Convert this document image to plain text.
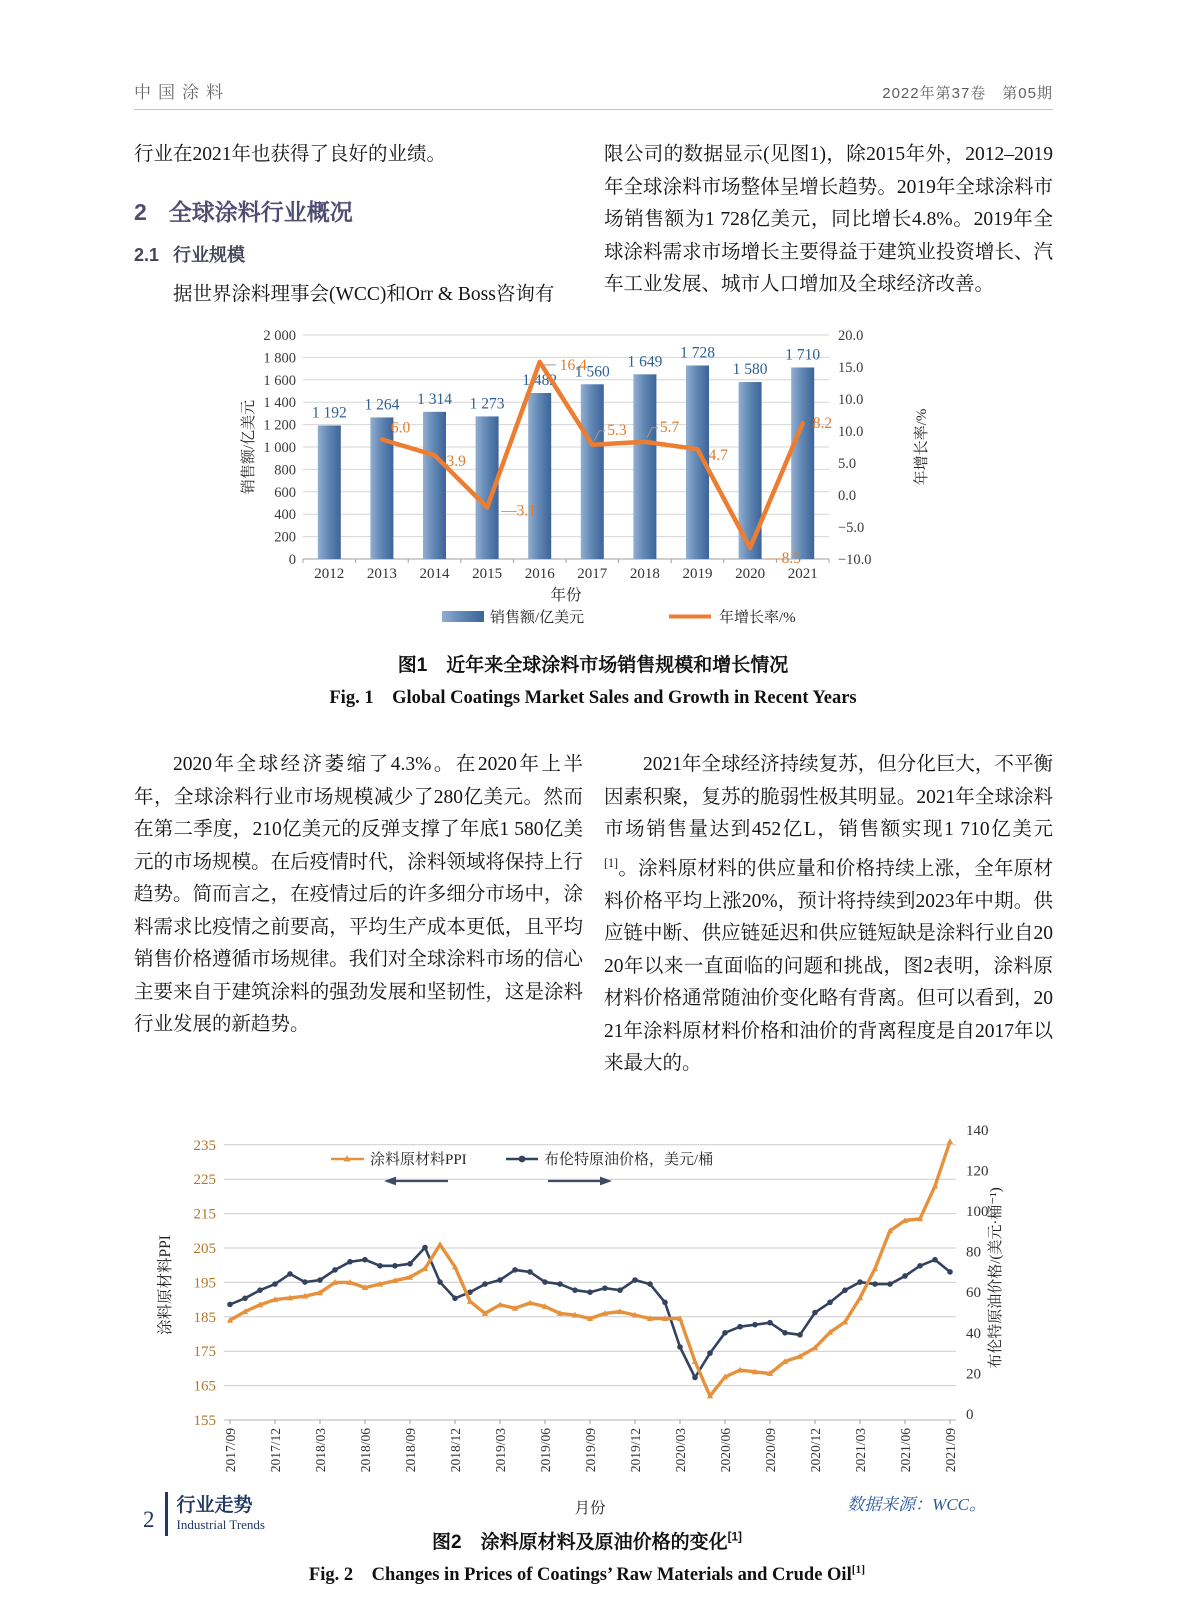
中国涂料	2022年第37卷　第05期

行业在2021年也获得了良好的业绩。

2 全球涂料行业概况
2.1 行业规模

据世界涂料理事会(WCC)和Orr & Boss咨询有

限公司的数据显示(见图1)，除2015年外，2012–2019年全球涂料市场整体呈增长趋势。2019年全球涂料市场销售额为1 728亿美元，同比增长4.8%。2019年全球涂料需求市场增长主要得益于建筑业投资增长、汽车工业发展、城市人口增加及全球经济改善。

2 000
1 800
1 600
1 400
1 200
1 000
800
600
400
200
0
销售额/亿美元
20.0
15.0
10.0
10.0
5.0
0.0
−5.0
−10.0
年增长率/%
1 192 1 264 1 314 1 273
1 482
1 560
1 649
1 728
1 580
1 710
2012 2013 2014 2015 2016 2017 2018 2019 2020 2021
年份
6.0
3.9
—3.1
16.4
5.3 5.7
4.7
—8.5
8.2
销售额/亿美元	年增长率/%
图1　近年来全球涂料市场销售规模和增长情况
Fig. 1　Global Coatings Market Sales and Growth in Recent Years

2020年全球经济萎缩了4.3%。在2020年上半年，全球涂料行业市场规模减少了280亿美元。然而在第二季度，210亿美元的反弹支撑了年底1 580亿美元的市场规模。在后疫情时代，涂料领域将保持上行趋势。简而言之，在疫情过后的许多细分市场中，涂料需求比疫情之前要高，平均生产成本更低，且平均销售价格遵循市场规律。我们对全球涂料市场的信心主要来自于建筑涂料的强劲发展和坚韧性，这是涂料行业发展的新趋势。

2021年全球经济持续复苏，但分化巨大，不平衡因素积聚，复苏的脆弱性极其明显。2021年全球涂料市场销售量达到452亿L，销售额实现1 710亿美元[1]。涂料原材料的供应量和价格持续上涨，全年原材料价格平均上涨20%，预计将持续到2023年中期。供应链中断、供应链延迟和供应链短缺是涂料行业自2020年以来一直面临的问题和挑战，图2表明，涂料原材料价格通常随油价变化略有背离。但可以看到，2021年涂料原材料价格和油价的背离程度是自2017年以来最大的。

155
165
175
185
195
205
215
225
235
涂料原材料PPI
0
20
40
60
80
100
120
140
布伦特原油价格/(美元·桶⁻¹)
2017/09 2017/12 2018/03 2018/06 2018/09 2018/12 2019/03 2019/06 2019/09 2019/12 2020/03 2020/06 2020/09 2020/12 2021/03 2021/06 2021/09
月份
涂料原材料PPI	布伦特原油价格，美元/桶
数据来源：WCC。
图2　涂料原材料及原油价格的变化[1]
Fig. 2　Changes in Prices of Coatings’ Raw Materials and Crude Oil[1]
2
行业走势
Industrial Trends
